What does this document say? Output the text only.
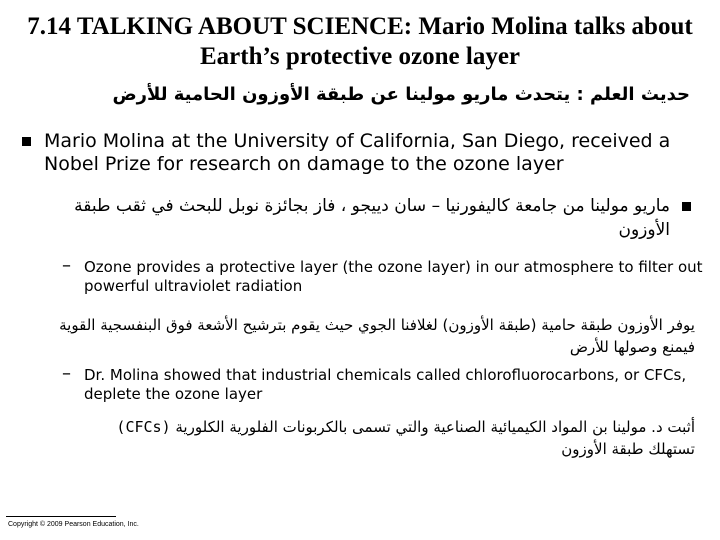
7.14 TALKING ABOUT SCIENCE: Mario Molina talks about Earth’s protective ozone layer
حديث العلم : يتحدث ماريو مولينا عن طبقة الأوزون الحامية للأرض
Mario Molina at the University of California, San Diego, received a Nobel Prize for research on damage to the ozone layer
ماريو مولينا من جامعة كاليفورنيا – سان دييجو ، فاز بجائزة نوبل للبحث في ثقب طبقة الأوزون
– Ozone provides a protective layer (the ozone layer) in our atmosphere to filter out powerful ultraviolet radiation
يوفر الأوزون طبقة حامية (طبقة الأوزون) لغلافنا الجوي حيث يقوم بترشيح الأشعة فوق البنفسجية القوية فيمنع وصولها للأرض
– Dr. Molina showed that industrial chemicals called chlorofluorocarbons, or CFCs, deplete the ozone layer
أثبت د. مولينا بن المواد الكيميائية الصناعية والتي تسمى بالكربونات الفلورية الكلورية (CFCs)
تستهلك طبقة الأوزون
Copyright © 2009 Pearson Education, Inc.
